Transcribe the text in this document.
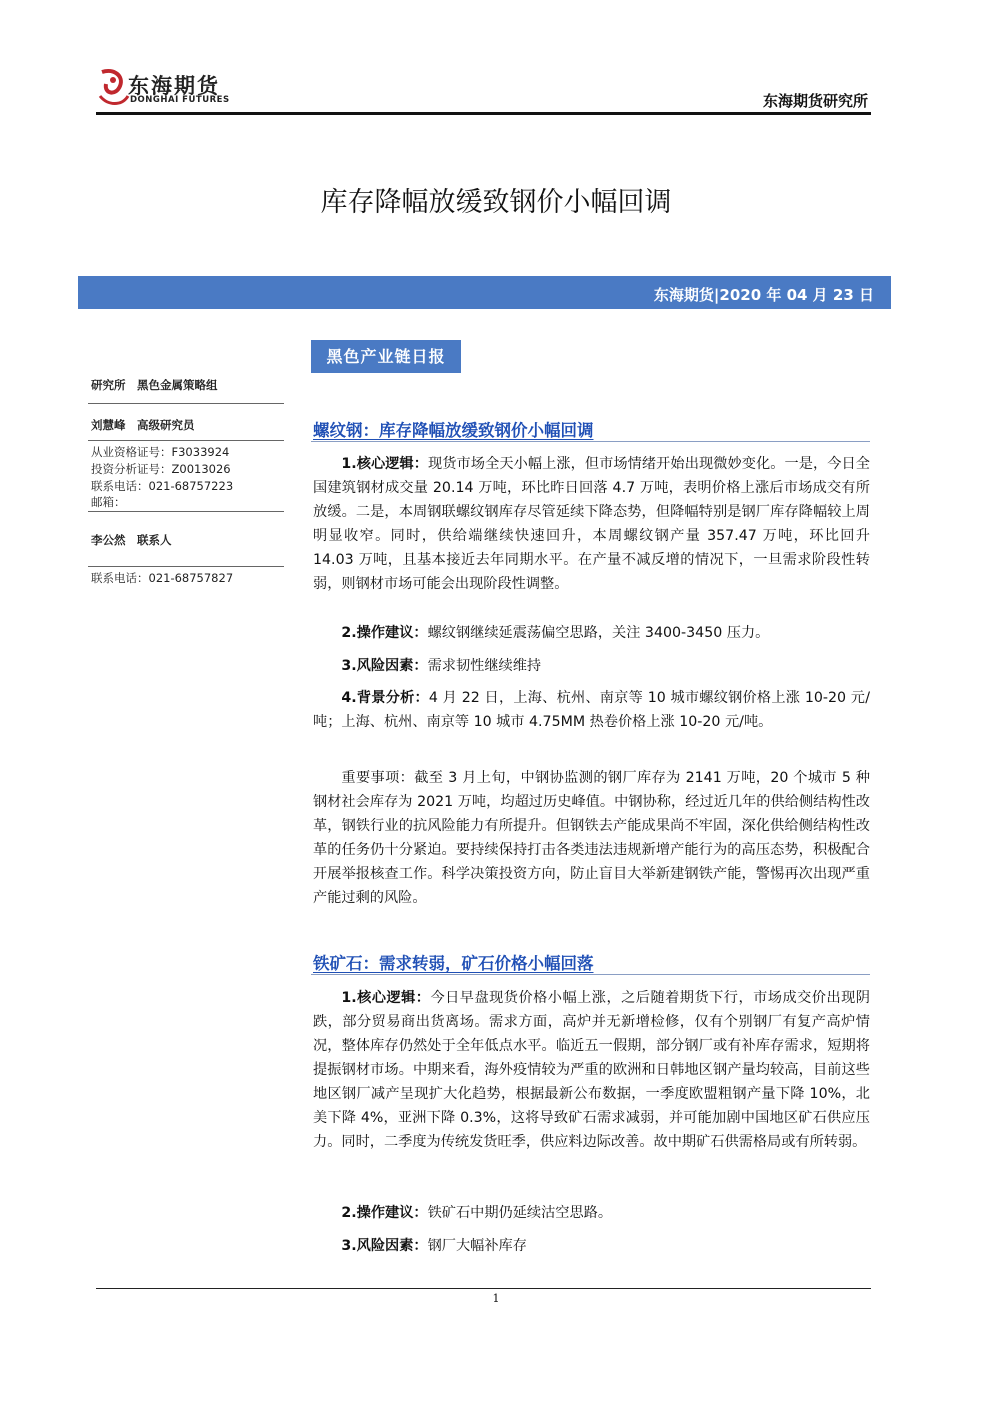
东海期货
DONGHAI FUTURES	东海期货研究所
库存降幅放缓致钢价小幅回调
东海期货|2020 年 04 月 23 日
黑色产业链日报
研究所　黑色金属策略组
刘慧峰　高级研究员
从业资格证号：F3033924
投资分析证号：Z0013026
联系电话：021-68757223
邮箱：
李公然　联系人
联系电话：021-68757827
螺纹钢：库存降幅放缓致钢价小幅回调

1.核心逻辑：现货市场全天小幅上涨，但市场情绪开始出现微妙变化。一是，今日全国建筑钢材成交量 20.14 万吨，环比昨日回落 4.7 万吨，表明价格上涨后市场成交有所放缓。二是，本周钢联螺纹钢库存尽管延续下降态势，但降幅特别是钢厂库存降幅较上周明显收窄。同时，供给端继续快速回升，本周螺纹钢产量 357.47 万吨，环比回升 14.03 万吨，且基本接近去年同期水平。在产量不减反增的情况下，一旦需求阶段性转弱，则钢材市场可能会出现阶段性调整。

2.操作建议：螺纹钢继续延震荡偏空思路，关注 3400-3450 压力。

3.风险因素：需求韧性继续维持

4.背景分析：4 月 22 日，上海、杭州、南京等 10 城市螺纹钢价格上涨 10-20 元/吨；上海、杭州、南京等 10 城市 4.75MM 热卷价格上涨 10-20 元/吨。

重要事项：截至 3 月上旬，中钢协监测的钢厂库存为 2141 万吨，20 个城市 5 种钢材社会库存为 2021 万吨，均超过历史峰值。中钢协称，经过近几年的供给侧结构性改革，钢铁行业的抗风险能力有所提升。但钢铁去产能成果尚不牢固，深化供给侧结构性改革的任务仍十分紧迫。要持续保持打击各类违法违规新增产能行为的高压态势，积极配合开展举报核查工作。科学决策投资方向，防止盲目大举新建钢铁产能，警惕再次出现严重产能过剩的风险。

铁矿石：需求转弱，矿石价格小幅回落

1.核心逻辑：今日早盘现货价格小幅上涨，之后随着期货下行，市场成交价出现阴跌，部分贸易商出货离场。需求方面，高炉并无新增检修，仅有个别钢厂有复产高炉情况，整体库存仍然处于全年低点水平。临近五一假期，部分钢厂或有补库存需求，短期将提振钢材市场。中期来看，海外疫情较为严重的欧洲和日韩地区钢产量均较高，目前这些地区钢厂减产呈现扩大化趋势，根据最新公布数据，一季度欧盟粗钢产量下降 10%，北美下降 4%，亚洲下降 0.3%，这将导致矿石需求减弱，并可能加剧中国地区矿石供应压力。同时，二季度为传统发货旺季，供应料边际改善。故中期矿石供需格局或有所转弱。

2.操作建议：铁矿石中期仍延续沽空思路。

3.风险因素：钢厂大幅补库存

1
